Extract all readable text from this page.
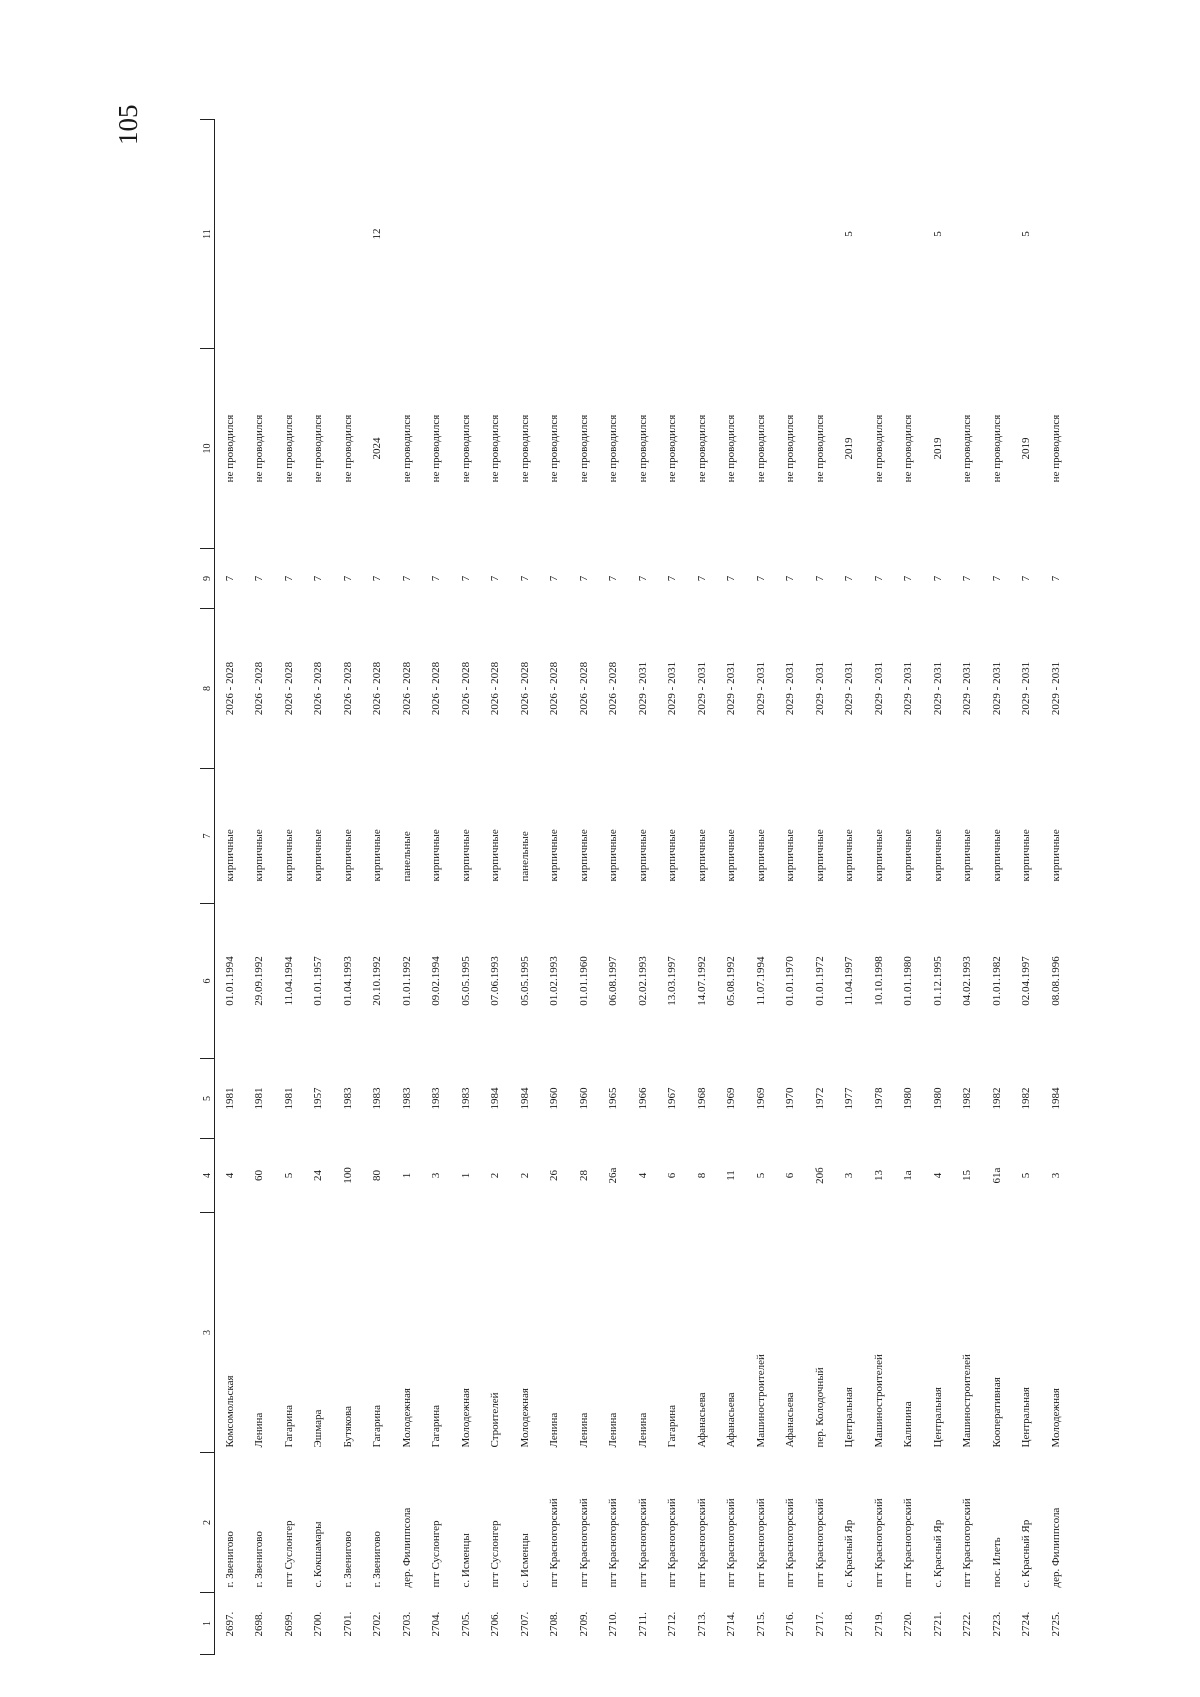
105
1	2	3	4	5	6	7	8	9	10	11
2697.	г. Звенигово	Комсомольская	4	1981	01.01.1994	кирпичные	2026 - 2028	7	не проводился	
2698.	г. Звенигово	Ленина	60	1981	29.09.1992	кирпичные	2026 - 2028	7	не проводился	
2699.	пгт Суслонгер	Гагарина	5	1981	11.04.1994	кирпичные	2026 - 2028	7	не проводился	
2700.	с. Кокшамары	Эшмара	24	1957	01.01.1957	кирпичные	2026 - 2028	7	не проводился	
2701.	г. Звенигово	Бутякова	100	1983	01.04.1993	кирпичные	2026 - 2028	7	не проводился	
2702.	г. Звенигово	Гагарина	80	1983	20.10.1992	кирпичные	2026 - 2028	7	2024	12
2703.	дер. Филиппсола	Молодежная	1	1983	01.01.1992	панельные	2026 - 2028	7	не проводился	
2704.	пгт Суслонгер	Гагарина	3	1983	09.02.1994	кирпичные	2026 - 2028	7	не проводился	
2705.	с. Исменцы	Молодежная	1	1983	05.05.1995	кирпичные	2026 - 2028	7	не проводился	
2706.	пгт Суслонгер	Строителей	2	1984	07.06.1993	кирпичные	2026 - 2028	7	не проводился	
2707.	с. Исменцы	Молодежная	2	1984	05.05.1995	панельные	2026 - 2028	7	не проводился	
2708.	пгт Красногорский	Ленина	26	1960	01.02.1993	кирпичные	2026 - 2028	7	не проводился	
2709.	пгт Красногорский	Ленина	28	1960	01.01.1960	кирпичные	2026 - 2028	7	не проводился	
2710.	пгт Красногорский	Ленина	26а	1965	06.08.1997	кирпичные	2026 - 2028	7	не проводился	
2711.	пгт Красногорский	Ленина	4	1966	02.02.1993	кирпичные	2029 - 2031	7	не проводился	
2712.	пгт Красногорский	Гагарина	6	1967	13.03.1997	кирпичные	2029 - 2031	7	не проводился	
2713.	пгт Красногорский	Афанасьева	8	1968	14.07.1992	кирпичные	2029 - 2031	7	не проводился	
2714.	пгт Красногорский	Афанасьева	11	1969	05.08.1992	кирпичные	2029 - 2031	7	не проводился	
2715.	пгт Красногорский	Машиностроителей	5	1969	11.07.1994	кирпичные	2029 - 2031	7	не проводился	
2716.	пгт Красногорский	Афанасьева	6	1970	01.01.1970	кирпичные	2029 - 2031	7	не проводился	
2717.	пгт Красногорский	пер. Колодочный	20б	1972	01.01.1972	кирпичные	2029 - 2031	7	не проводился	
2718.	с. Красный Яр	Центральная	3	1977	11.04.1997	кирпичные	2029 - 2031	7	2019	5
2719.	пгт Красногорский	Машиностроителей	13	1978	10.10.1998	кирпичные	2029 - 2031	7	не проводился	
2720.	пгт Красногорский	Калинина	1а	1980	01.01.1980	кирпичные	2029 - 2031	7	не проводился	
2721.	с. Красный Яр	Центральная	4	1980	01.12.1995	кирпичные	2029 - 2031	7	2019	5
2722.	пгт Красногорский	Машиностроителей	15	1982	04.02.1993	кирпичные	2029 - 2031	7	не проводился	
2723.	пос. Илеть	Кооперативная	61а	1982	01.01.1982	кирпичные	2029 - 2031	7	не проводился	
2724.	с. Красный Яр	Центральная	5	1982	02.04.1997	кирпичные	2029 - 2031	7	2019	5
2725.	дер. Филиппсола	Молодежная	3	1984	08.08.1996	кирпичные	2029 - 2031	7	не проводился	
